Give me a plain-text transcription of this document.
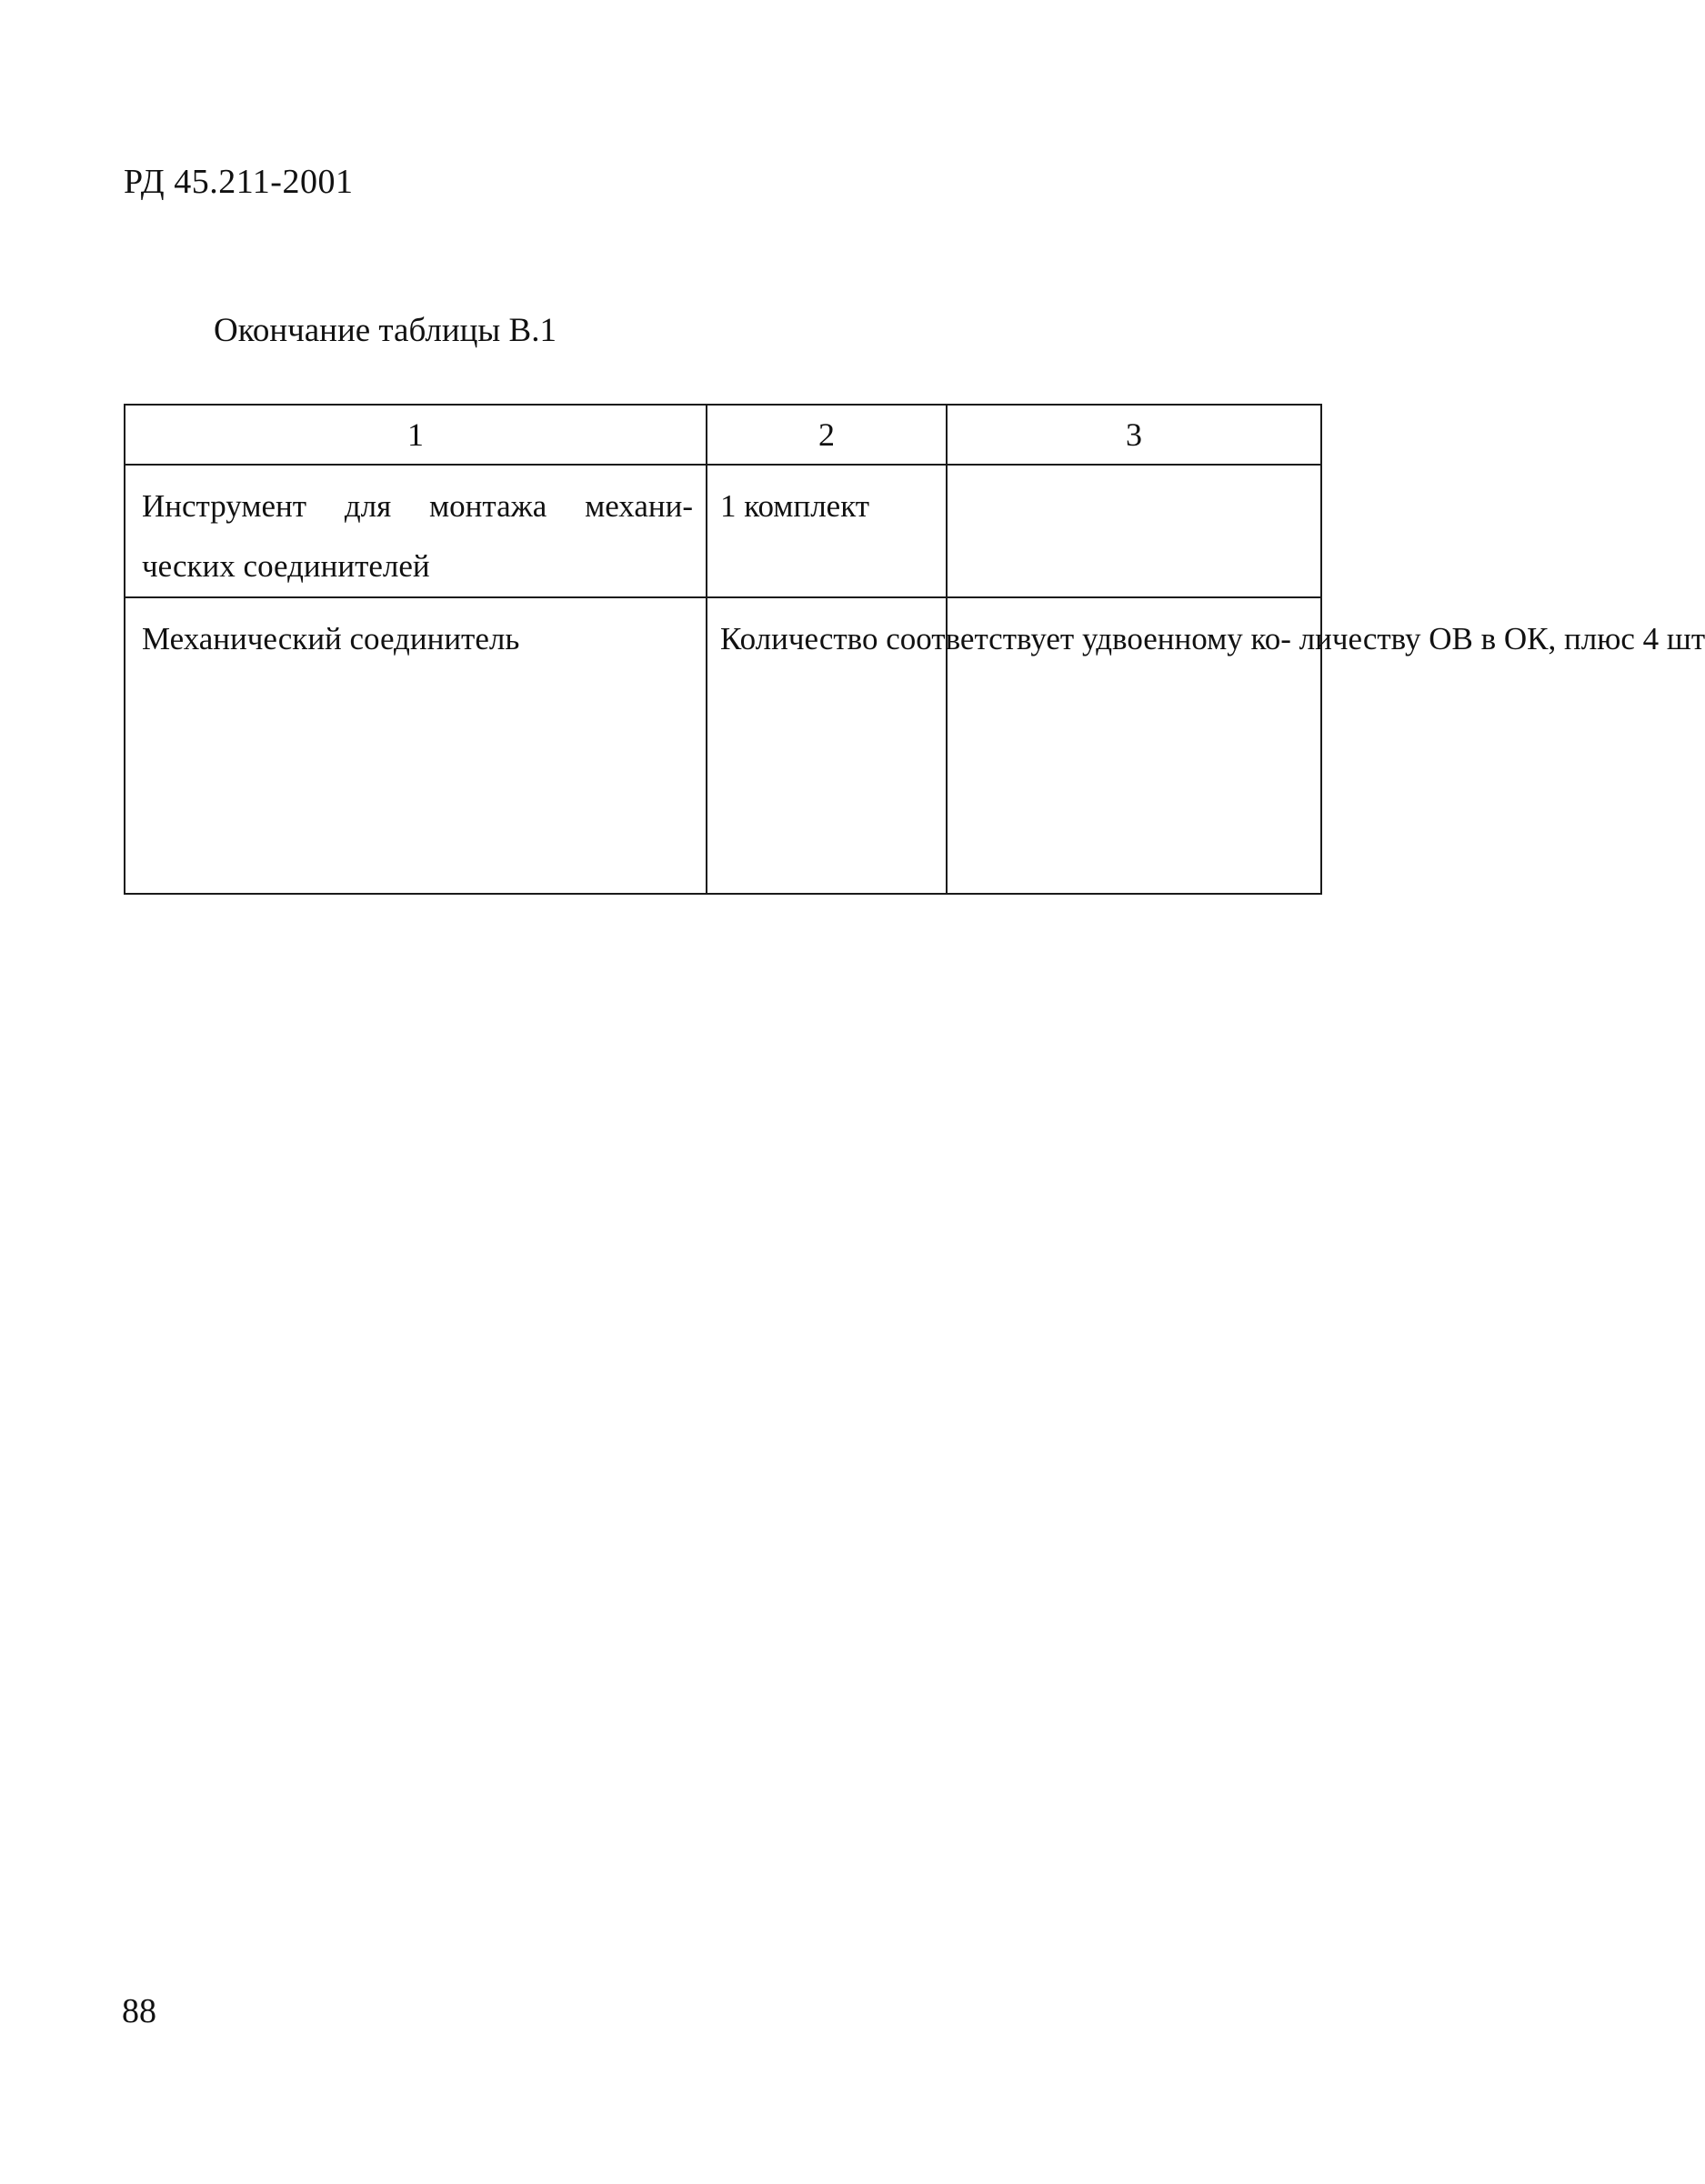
РД 45.211-2001
Окончание таблицы В.1
1	2	3

Инструмент для монтажа механи-
ческих соединителей	1 комплект	

Механический соединитель	Количество соответствует удвоенному ко- личеству ОВ в ОК, плюс 4 шт	

88
